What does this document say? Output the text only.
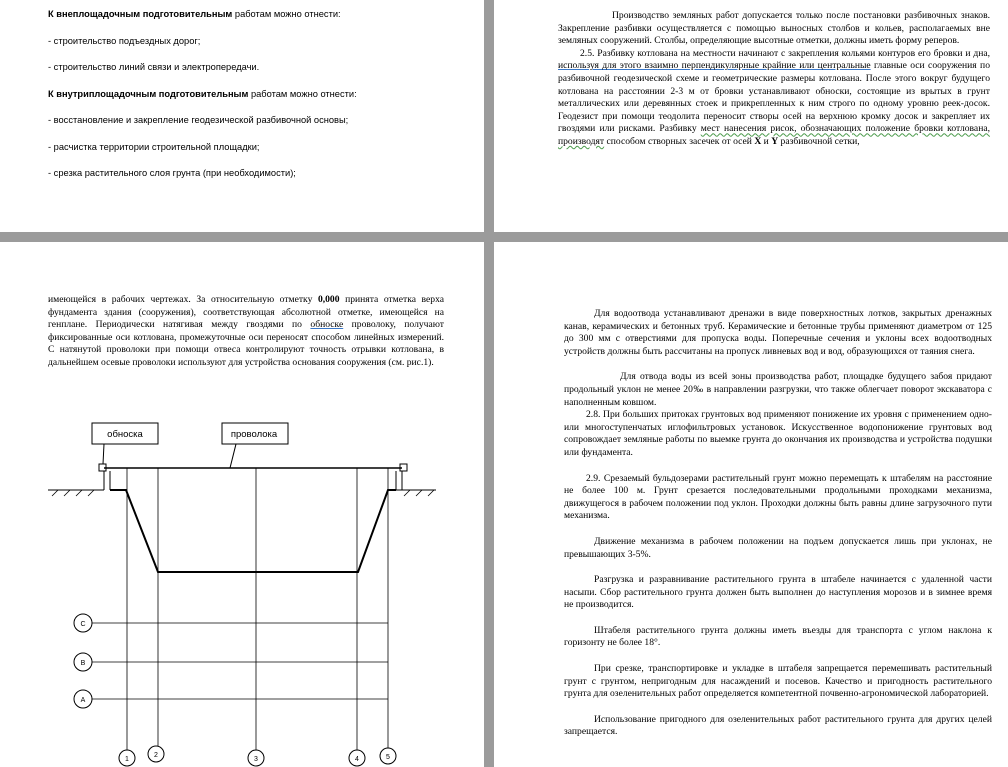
К внеплощадочным подготовительным работам можно отнести:

- строительство подъездных дорог;

- строительство линий связи и электропередачи.

К внутриплощадочным подготовительным работам можно отнести:

- восстановление и закрепление геодезической разбивочной основы;

- расчистка территории строительной площадки;

- срезка растительного слоя грунта (при необходимости);

Производство земляных работ допускается только после постановки разбивочных знаков. Закрепление разбивки осуществляется с помощью выносных столбов и кольев, располагаемых вне земляных сооружений. Столбы, определяющие высотные отметки, должны иметь форму реперов.

2.5. Разбивку котлована на местности начинают с закрепления кольями контуров его бровки и дна, используя для этого взаимно перпендикулярные крайние или центральные главные оси сооружения по разбивочной геодезической схеме и геометрические размеры котлована. После этого вокруг будущего котлована на расстоянии 2-3 м от бровки устанавливают обноски, состоящие из врытых в грунт металлических или деревянных стоек и прикрепленных к ним строго по одному уровню реек-досок. Геодезист при помощи теодолита переносит створы осей на верхнюю кромку досок и закрепляет их гвоздями или рисками. Разбивку мест нанесения рисок, обозначающих положение бровки котлована, производят способом створных засечек от осей X и Y разбивочной сетки,

имеющейся в рабочих чертежах. За относительную отметку 0,000 принята отметка верха фундамента здания (сооружения), соответствующая абсолютной отметке, имеющейся на генплане. Периодически натягивая между гвоздями по обноске проволоку, получают фиксированные оси котлована, промежуточные оси переносят способом линейных измерений. С натянутой проволоки при помощи отвеса контролируют точность отрывки котлована, в дальнейшем осевые проволоки используют для устройства основания сооружения (см. рис.1).

обноска	проволока
C
B
A
1
2
3	4	5

Для водоотвода устанавливают дренажи в виде поверхностных лотков, закрытых дренажных канав, керамических и бетонных труб. Керамические и бетонные трубы применяют диаметром от 125 до 300 мм с отверстиями для пропуска воды. Поперечные сечения и уклоны всех водоотводных устройств должны быть рассчитаны на пропуск ливневых вод и вод, образующихся от таяния снега.

Для отвода воды из всей зоны производства работ, площадке будущего забоя придают продольный уклон не менее 20‰ в направлении разгрузки, что также облегчает поворот экскаватора с наполненным ковшом.

2.8. При больших притоках грунтовых вод применяют понижение их уровня с применением одно- или многоступенчатых иглофильтровых установок. Искусственное водопонижение грунтовых вод сопровождает земляные работы по выемке грунта до окончания их производства и устройства подушки или фундамента.

2.9. Срезаемый бульдозерами растительный грунт можно перемещать к штабелям на расстояние не более 100 м. Грунт срезается последовательными продольными проходками механизма, движущегося в рабочем положении под уклон. Проходки должны быть равны длине загрузочного пути механизма.

Движение механизма в рабочем положении на подъем допускается лишь при уклонах, не превышающих 3-5%.

Разгрузка и разравнивание растительного грунта в штабеле начинается с удаленной части насыпи. Сбор растительного грунта должен быть выполнен до наступления морозов и в зимнее время не производится.

Штабеля растительного грунта должны иметь въезды для транспорта с углом наклона к горизонту не более 18°.

При срезке, транспортировке и укладке в штабеля запрещается перемешивать растительный грунт с грунтом, непригодным для насаждений и посевов. Качество и пригодность растительного грунта для озеленительных работ определяется компетентной почвенно-агрономической лабораторией.

Использование пригодного для озеленительных работ растительного грунта для других целей запрещается.
